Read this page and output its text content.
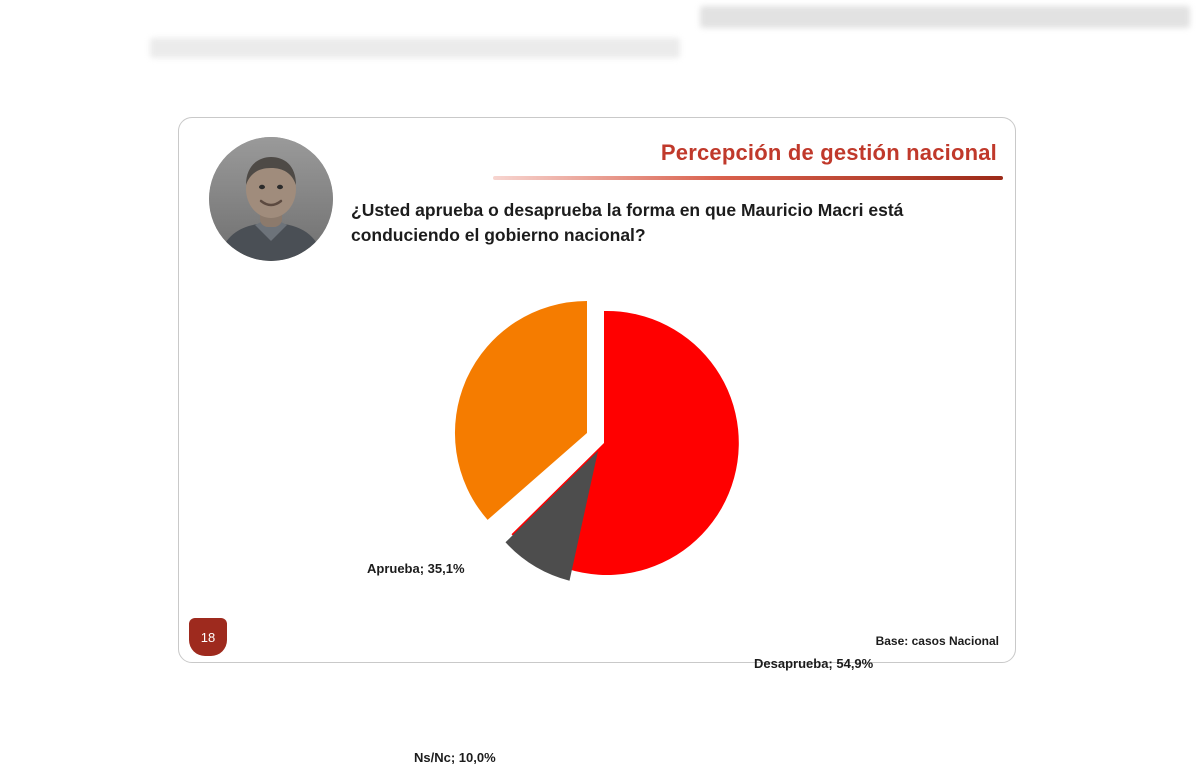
Percepción de gestión nacional
¿Usted aprueba o desaprueba la forma en que Mauricio Macri está conduciendo el gobierno nacional?
Aprueba; 35,1%
Desaprueba; 54,9%
Ns/Nc; 10,0%
18	Base: casos Nacional
